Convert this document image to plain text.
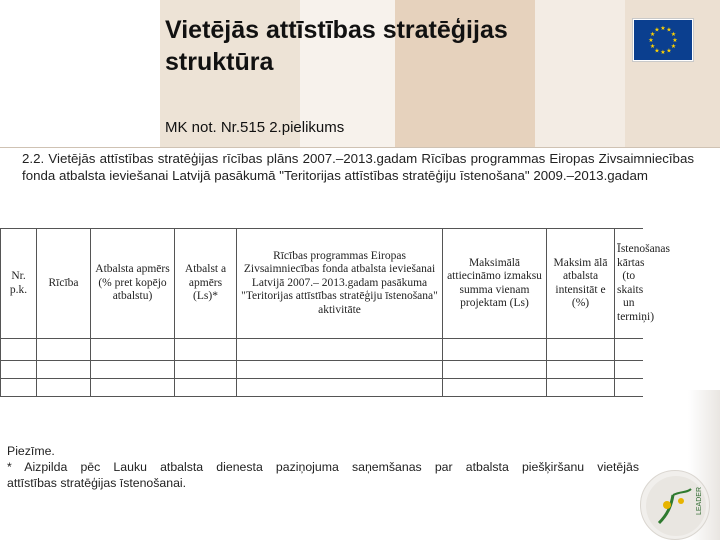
Vietējās attīstības stratēģijas struktūra
MK not. Nr.515 2.pielikums
★
★
★
★
★
★
★
★
★ ★ ★
★
2.2. Vietējās attīstības stratēģijas rīcības plāns 2007.–2013.gadam Rīcības programmas Eiropas Zivsaimniecības fonda atbalsta ieviešanai Latvijā pasākumā "Teritorijas attīstības stratēģiju īstenošana" 2009.–2013.gadam
Nr. p.k.	Rīcība	Atbalsta apmērs (% pret kopējo atbalstu)	Atbalst a apmērs (Ls)*	Rīcības programmas Eiropas Zivsaimniecības fonda atbalsta ieviešanai Latvijā 2007.– 2013.gadam pasākuma "Teritorijas attīstības stratēģiju īstenošana" aktivitāte	Maksimālā attiecināmo izmaksu summa vienam projektam (Ls)	Maksim ālā atbalsta intensitāt e (%)	Īstenošanas kārtas (to skaits un termiņi)

Piezīme.
* Aizpilda pēc Lauku atbalsta dienesta paziņojuma saņemšanas par atbalsta piešķiršanu vietējās
attīstības stratēģijas īstenošanai.
LEADER
